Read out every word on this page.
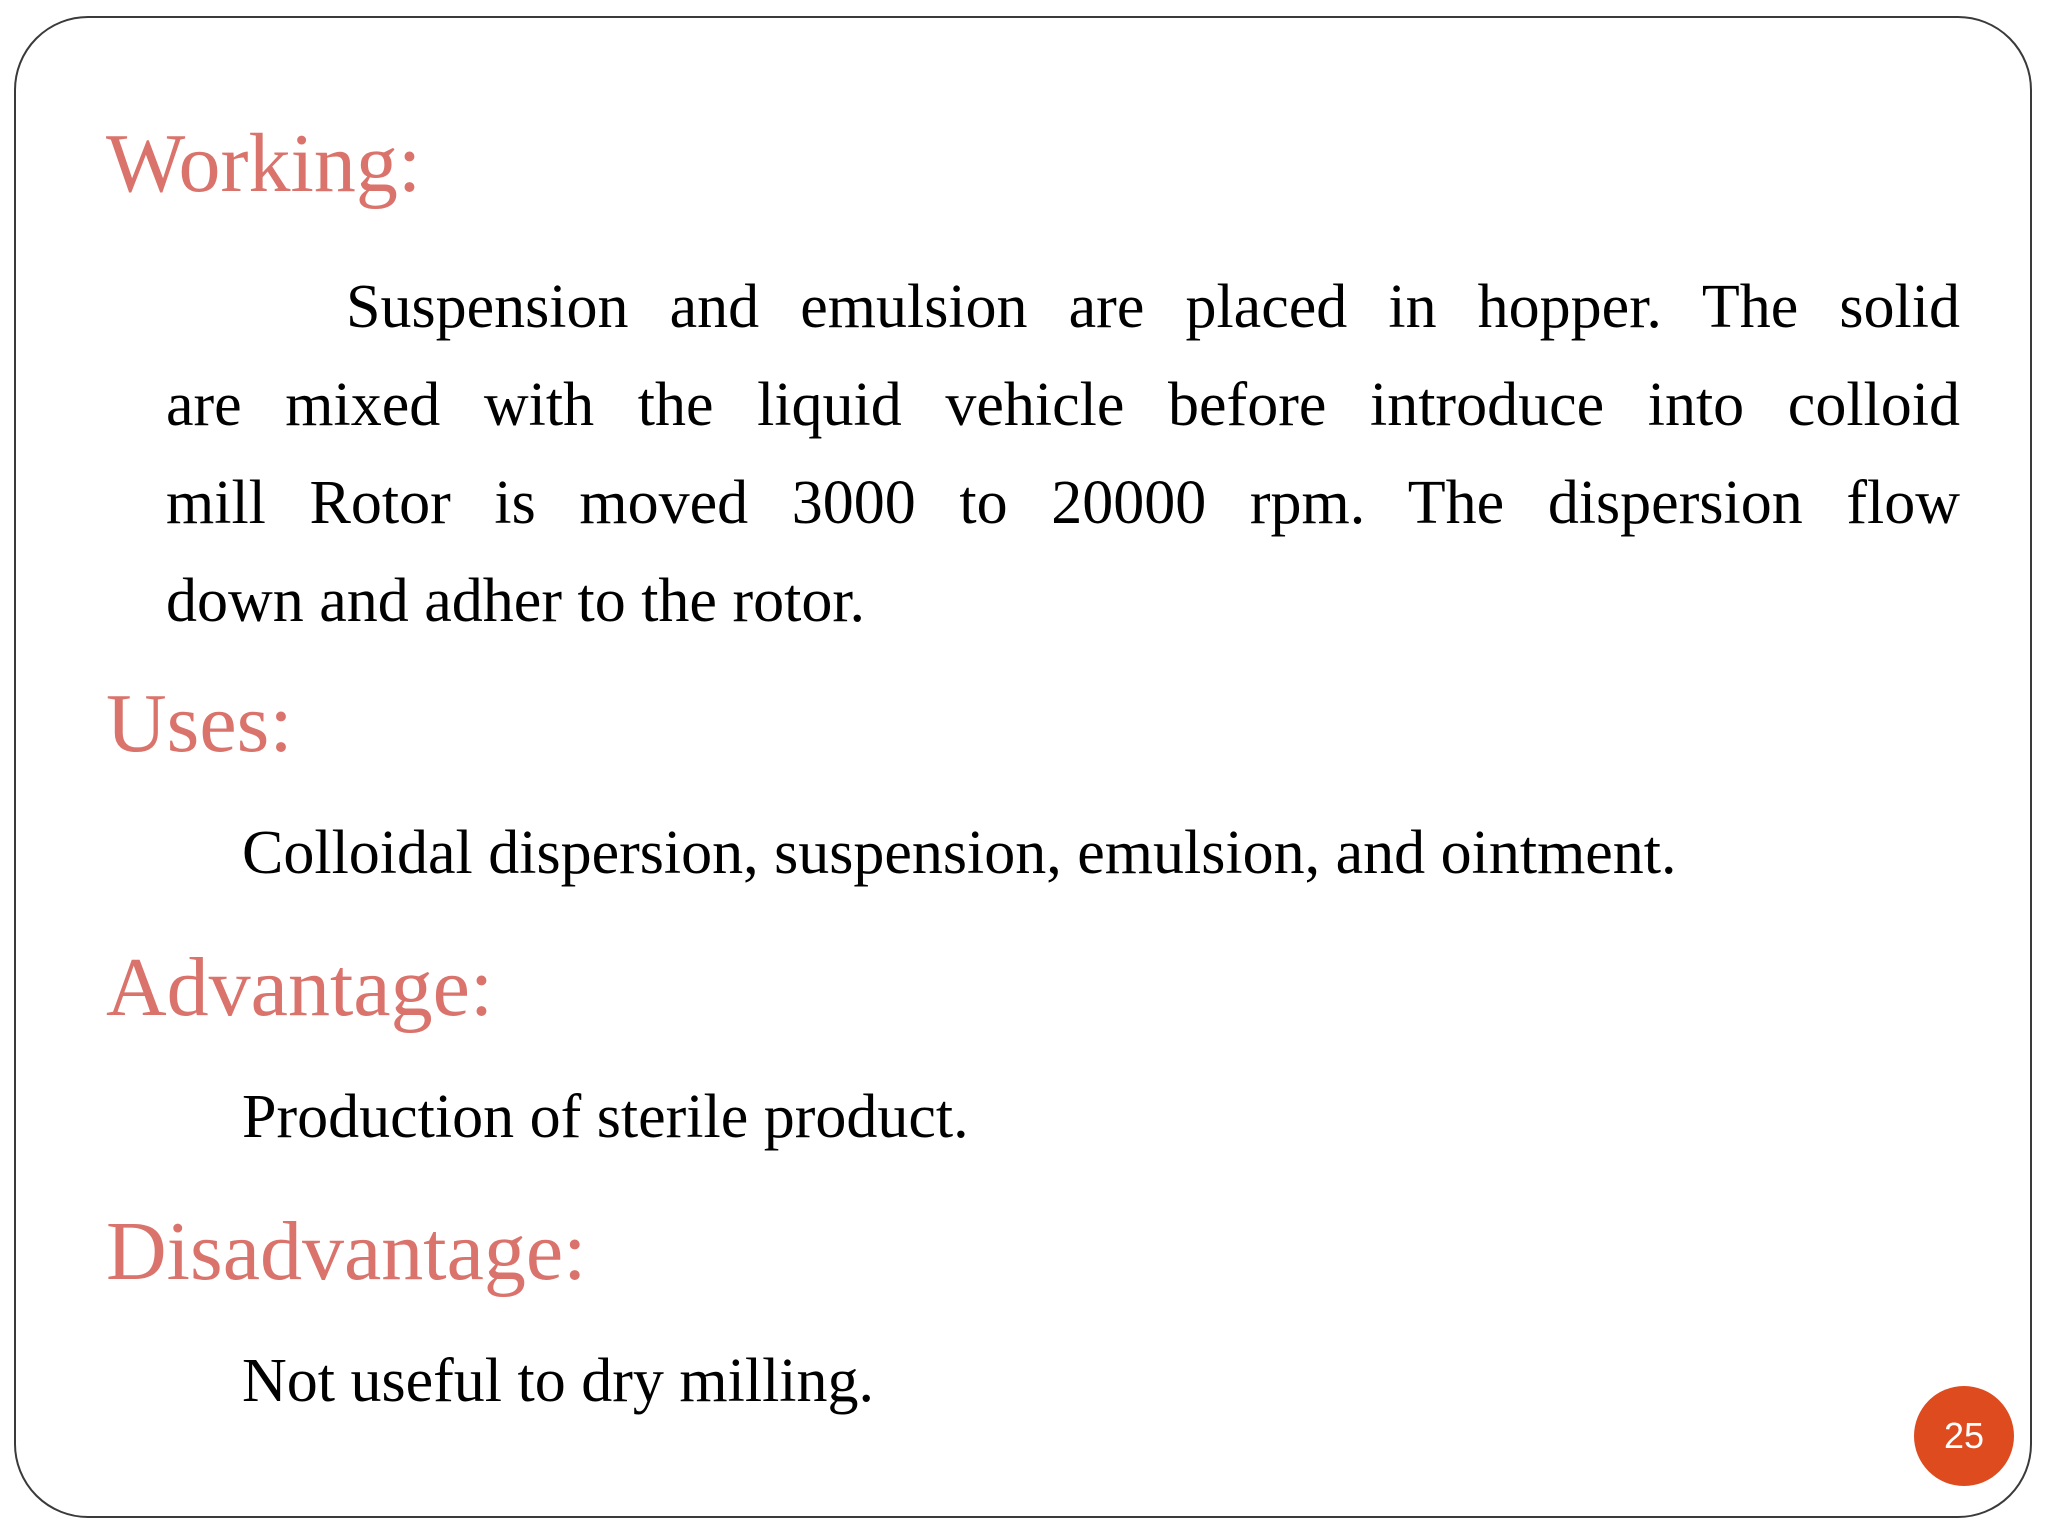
Working:
Suspension and emulsion are placed in hopper. The solid
are mixed with the liquid vehicle before introduce into colloid
mill Rotor is moved 3000 to 20000 rpm. The dispersion flow
down and adher to the rotor.
Uses:

Colloidal dispersion, suspension, emulsion, and ointment.

Advantage:

Production of sterile product.

Disadvantage:

Not useful to dry milling.

25
